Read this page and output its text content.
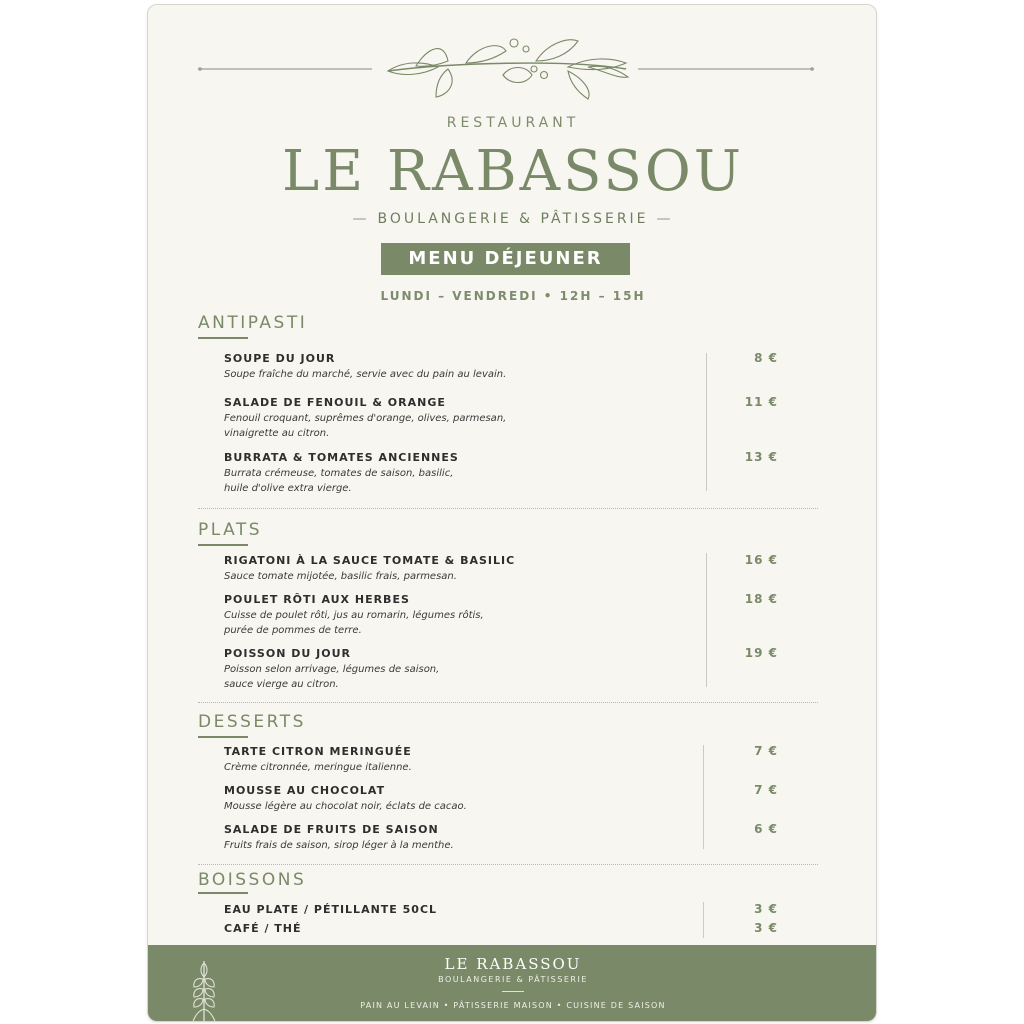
RESTAURANT
LE RABASSOU
— BOULANGERIE & PÂTISSERIE —
MENU DÉJEUNER
LUNDI – VENDREDI • 12H – 15H
ANTIPASTI
SOUPE DU JOUR
Soupe fraîche du marché, servie avec du pain au levain.
8 €
SALADE DE FENOUIL & ORANGE
Fenouil croquant, suprêmes d'orange, olives, parmesan,
vinaigrette au citron.
11 €
BURRATA & TOMATES ANCIENNES
Burrata crémeuse, tomates de saison, basilic,
huile d'olive extra vierge.
13 €
PLATS
RIGATONI À LA SAUCE TOMATE & BASILIC
Sauce tomate mijotée, basilic frais, parmesan.
16 €
POULET RÔTI AUX HERBES
Cuisse de poulet rôti, jus au romarin, légumes rôtis,
purée de pommes de terre.
18 €
POISSON DU JOUR
Poisson selon arrivage, légumes de saison,
sauce vierge au citron.
19 €
DESSERTS
TARTE CITRON MERINGUÉE
Crème citronnée, meringue italienne.
7 €
MOUSSE AU CHOCOLAT
Mousse légère au chocolat noir, éclats de cacao.
7 €
SALADE DE FRUITS DE SAISON
Fruits frais de saison, sirop léger à la menthe.
6 €
BOISSONS
EAU PLATE / PÉTILLANTE 50CL	3 €
CAFÉ / THÉ	3 €
LE RABASSOU
BOULANGERIE & PÂTISSERIE
PAIN AU LEVAIN • PÂTISSERIE MAISON • CUISINE DE SAISON
